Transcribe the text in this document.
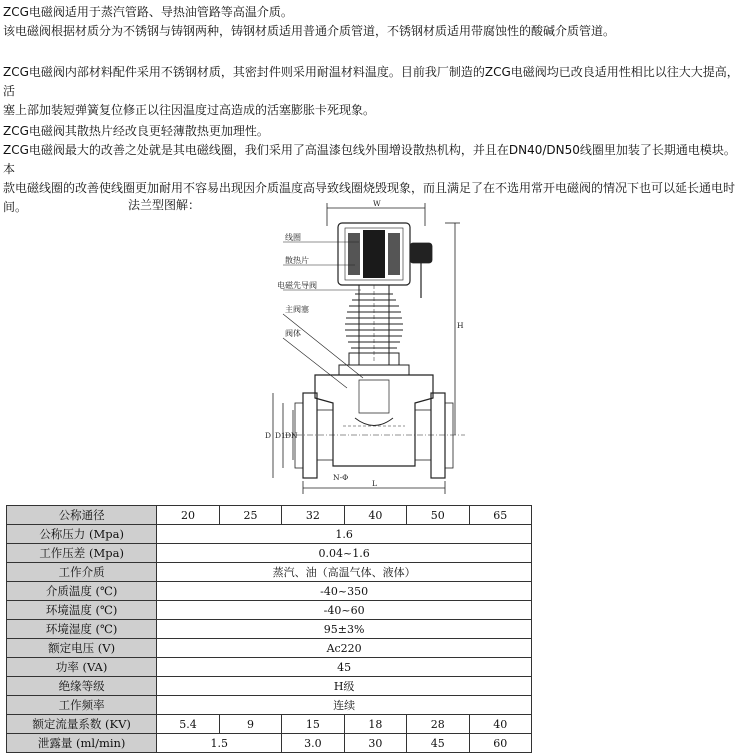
ZCG电磁阀适用于蒸汽管路、导热油管路等高温介质。
该电磁阀根据材质分为不锈钢与铸钢两种，铸钢材质适用普通介质管道，不锈钢材质适用带腐蚀性的酸碱介质管道。
ZCG电磁阀内部材料配件采用不锈钢材质，其密封件则采用耐温材料温度。目前我厂制造的ZCG电磁阀均已改良适用性相比以往大大提高，活
塞上部加装短弹簧复位修正以往因温度过高造成的活塞膨胀卡死现象。
ZCG电磁阀其散热片经改良更轻薄散热更加理性。
ZCG电磁阀最大的改善之处就是其电磁线圈，我们采用了高温漆包线外围增设散热机构，并且在DN40/DN50线圈里加装了长期通电模块。本
款电磁线圈的改善使线圈更加耐用不容易出现因介质温度高导致线圈烧毁现象，而且满足了在不选用常开电磁阀的情况下也可以延长通电时
间。	法兰型图解：	W
H
D D1 DN
N-Φ
L
线圈
散热片
电磁先导阀
主阀塞
阀体
公称通径	20	25	32	40	50	65
公称压力 (Mpa)	1.6					
工作压差 (Mpa)	0.04~1.6					
工作介质	蒸汽、油（高温气体、液体）					
介质温度 (℃)	-40~350					
环境温度 (℃)	-40~60					
环境湿度 (℃)	95±3%					
额定电压 (V)	Ac220					
功率 (VA)	45					
绝缘等级	H级					
工作频率	连续					
额定流量系数 (KV)	5.4	9	15	18	28	40
泄露量 (ml/min)	1.5		3.0	30	45	60
